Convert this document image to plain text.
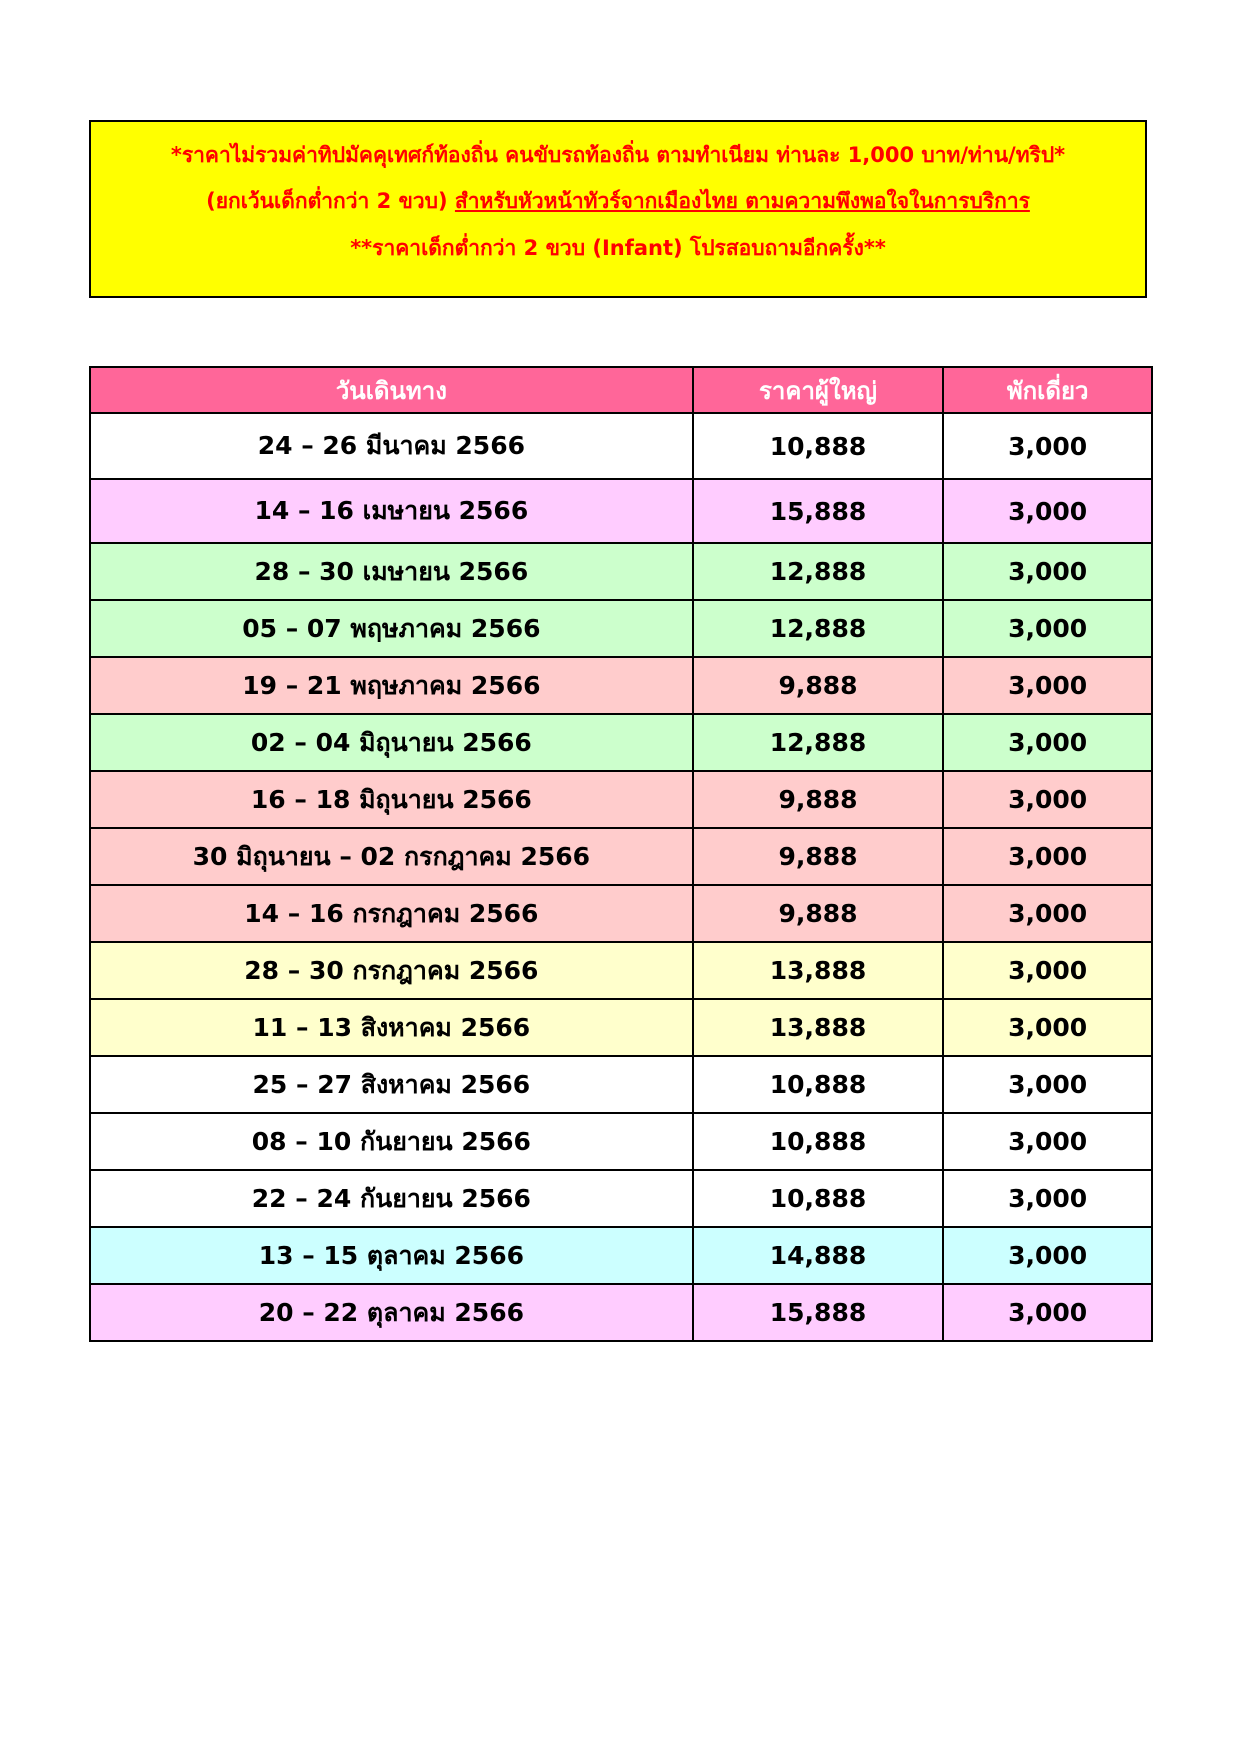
*ราคาไม่รวมค่าทิปมัคคุเทศก์ท้องถิ่น คนขับรถท้องถิ่น ตามทำเนียม ท่านละ 1,000 บาท/ท่าน/ทริป*
(ยกเว้นเด็กต่ำกว่า 2 ขวบ) สำหรับหัวหน้าทัวร์จากเมืองไทย ตามความพึงพอใจในการบริการ
**ราคาเด็กต่ำกว่า 2 ขวบ (Infant) โปรสอบถามอีกครั้ง**
วันเดินทาง	ราคาผู้ใหญ่	พักเดี่ยว
24 – 26 มีนาคม 2566	10,888	3,000
14 – 16 เมษายน 2566	15,888	3,000
28 – 30 เมษายน 2566	12,888	3,000
05 – 07 พฤษภาคม 2566	12,888	3,000
19 – 21 พฤษภาคม 2566	9,888	3,000
02 – 04 มิถุนายน 2566	12,888	3,000
16 – 18 มิถุนายน 2566	9,888	3,000
30 มิถุนายน – 02 กรกฎาคม 2566	9,888	3,000
14 – 16 กรกฎาคม 2566	9,888	3,000
28 – 30 กรกฎาคม 2566	13,888	3,000
11 – 13 สิงหาคม 2566	13,888	3,000
25 – 27 สิงหาคม 2566	10,888	3,000
08 – 10 กันยายน 2566	10,888	3,000
22 – 24 กันยายน 2566	10,888	3,000
13 – 15 ตุลาคม 2566	14,888	3,000
20 – 22 ตุลาคม 2566	15,888	3,000
